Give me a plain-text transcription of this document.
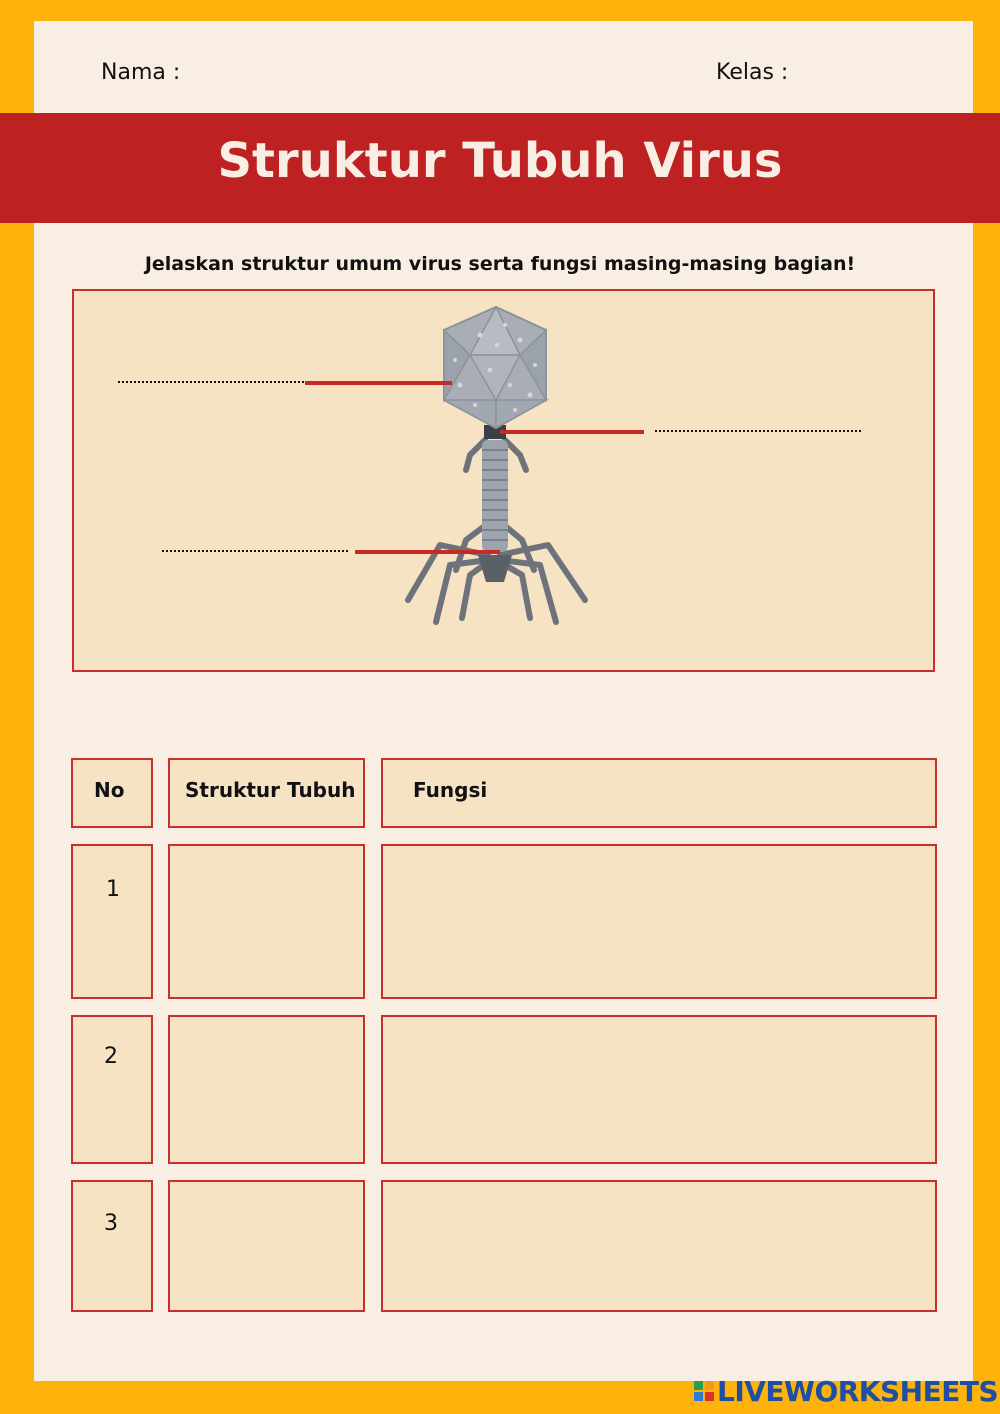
Nama :	Kelas :
Struktur Tubuh Virus
Jelaskan struktur umum virus serta fungsi masing-masing bagian!
No	Struktur Tubuh	Fungsi
1
2
3
LIVEWORKSHEETS
